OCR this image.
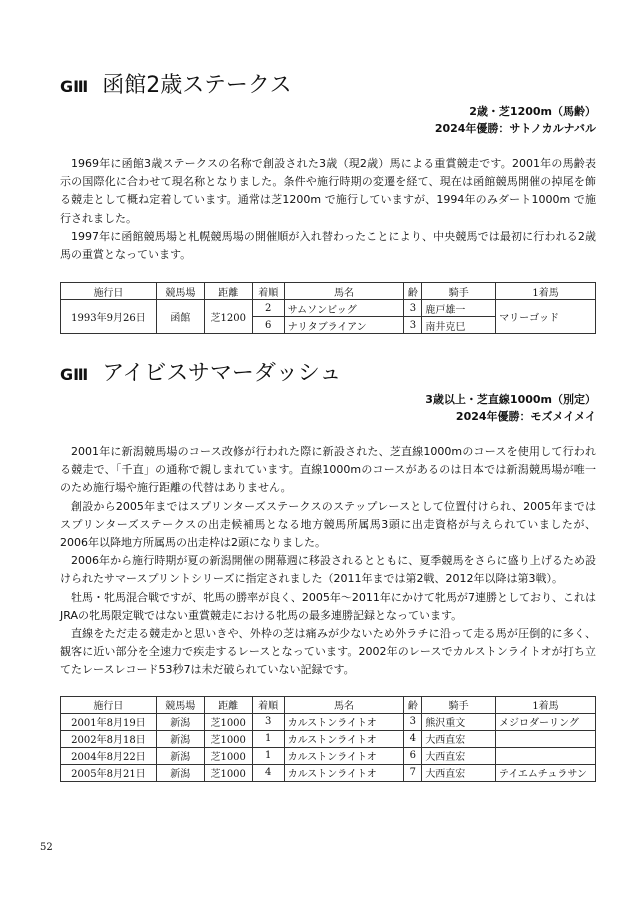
GⅢ 函館2歳ステークス
2歳・芝1200m（馬齢）
2024年優勝：サトノカルナバル

1969年に函館3歳ステークスの名称で創設された3歳（現2歳）馬による重賞競走です。2001年の馬齢表示の国際化に合わせて現名称となりました。条件や施行時期の変遷を経て、現在は函館競馬開催の掉尾を飾る競走として概ね定着しています。通常は芝1200m で施行していますが、1994年のみダート1000m で施行されました。

1997年に函館競馬場と札幌競馬場の開催順が入れ替わったことにより、中央競馬では最初に行われる2歳馬の重賞となっています。

施行日	競馬場	距離	着順	馬名	齢	騎手	1着馬
1993年9月26日	函館	芝1200	2	サムソンビッグ	3	鹿戸雄一	マリーゴッド
			6	ナリタブライアン	3	南井克巳	
GⅢ アイビスサマーダッシュ
3歳以上・芝直線1000m（別定）
2024年優勝：モズメイメイ

2001年に新潟競馬場のコース改修が行われた際に新設された、芝直線1000mのコースを使用して行われる競走で、「千直」の通称で親しまれています。直線1000mのコースがあるのは日本では新潟競馬場が唯一のため施行場や施行距離の代替はありません。

創設から2005年まではスプリンターズステークスのステップレースとして位置付けられ、2005年まではスプリンターズステークスの出走候補馬となる地方競馬所属馬3頭に出走資格が与えられていましたが、2006年以降地方所属馬の出走枠は2頭になりました。

2006年から施行時期が夏の新潟開催の開幕週に移設されるとともに、夏季競馬をさらに盛り上げるため設けられたサマースプリントシリーズに指定されました（2011年までは第2戦、2012年以降は第3戦）。

牡馬・牝馬混合戦ですが、牝馬の勝率が良く、2005年～2011年にかけて牝馬が7連勝としており、これはJRAの牝馬限定戦ではない重賞競走における牝馬の最多連勝記録となっています。

直線をただ走る競走かと思いきや、外枠の芝は痛みが少ないため外ラチに沿って走る馬が圧倒的に多く、観客に近い部分を全速力で疾走するレースとなっています。2002年のレースでカルストンライトオが打ち立てたレースレコード53秒7は未だ破られていない記録です。

施行日	競馬場	距離	着順	馬名	齢	騎手	1着馬
2001年8月19日	新潟	芝1000	3	カルストンライトオ	3	熊沢重文	メジロダーリング
2002年8月18日	新潟	芝1000	1	カルストンライトオ	4	大西直宏	
2004年8月22日	新潟	芝1000	1	カルストンライトオ	6	大西直宏	
2005年8月21日	新潟	芝1000	4	カルストンライトオ	7	大西直宏	テイエムチュラサン
52
